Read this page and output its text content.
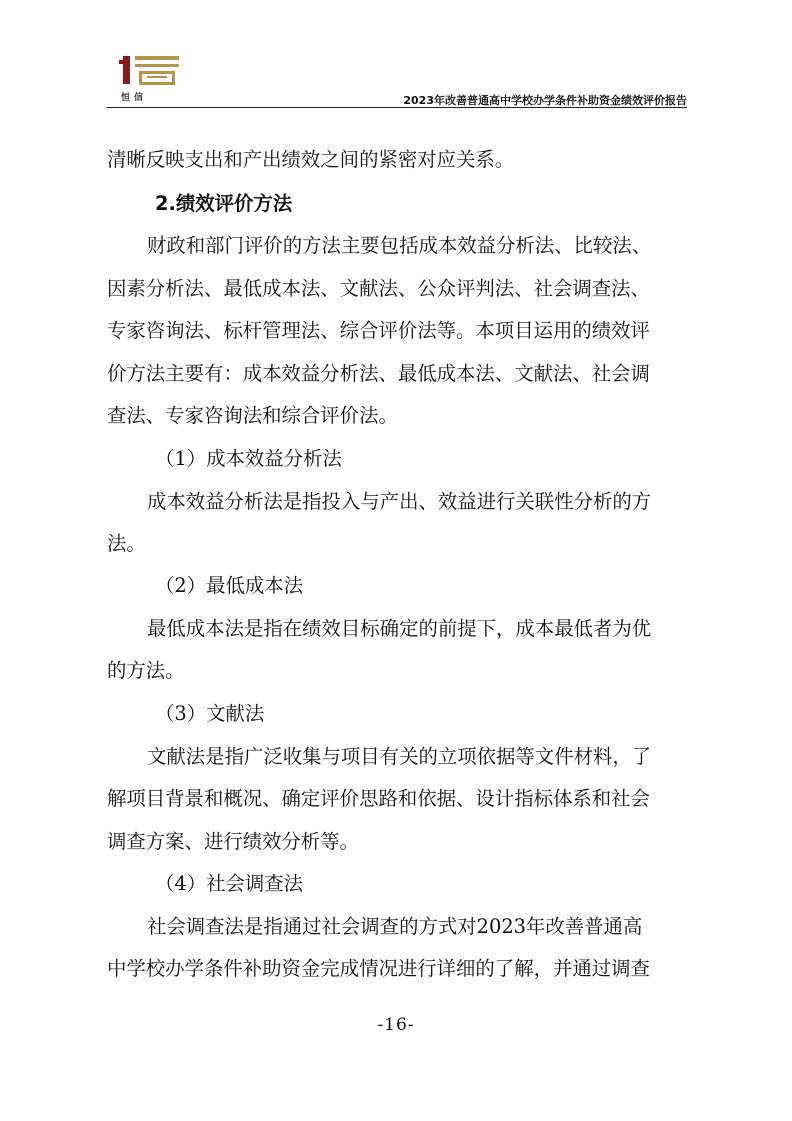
恒信	2023年改善普通高中学校办学条件补助资金绩效评价报告
清晰反映支出和产出绩效之间的紧密对应关系。
2.绩效评价方法
财政和部门评价的方法主要包括成本效益分析法、比较法、
因素分析法、最低成本法、文献法、公众评判法、社会调查法、
专家咨询法、标杆管理法、综合评价法等。本项目运用的绩效评
价方法主要有：成本效益分析法、最低成本法、文献法、社会调
查法、专家咨询法和综合评价法。
（1）成本效益分析法
成本效益分析法是指投入与产出、效益进行关联性分析的方
法。
（2）最低成本法
最低成本法是指在绩效目标确定的前提下，成本最低者为优
的方法。
（3）文献法
文献法是指广泛收集与项目有关的立项依据等文件材料，了
解项目背景和概况、确定评价思路和依据、设计指标体系和社会
调查方案、进行绩效分析等。
（4）社会调查法
社会调查法是指通过社会调查的方式对2023年改善普通高
中学校办学条件补助资金完成情况进行详细的了解，并通过调查
-16-
